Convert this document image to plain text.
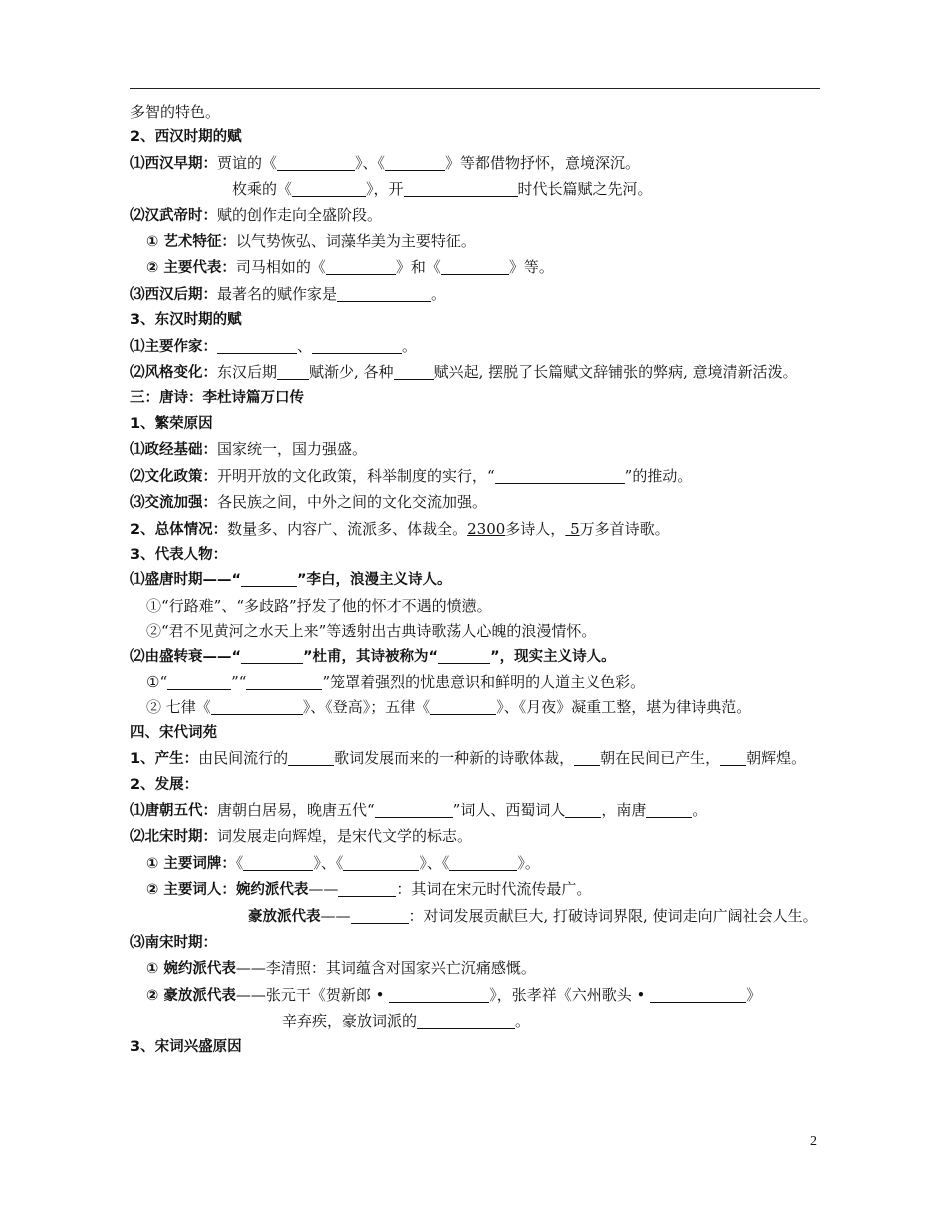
多智的特色。
2、西汉时期的赋
⑴西汉早期：贾谊的《	》、《	》等都借物抒怀，意境深沉。
枚乘的《	》，开	时代长篇赋之先河。
⑵汉武帝时：赋的创作走向全盛阶段。
① 艺术特征：以气势恢弘、词藻华美为主要特征。
② 主要代表：司马相如的《	》和《	》等。
⑶西汉后期：最著名的赋作家是	。
3、东汉时期的赋
⑴主要作家：	、	。
⑵风格变化：东汉后期 赋渐少, 各种	赋兴起, 摆脱了长篇赋文辞铺张的弊病, 意境清新活泼。
三：唐诗：李杜诗篇万口传
1、繁荣原因
⑴政经基础：国家统一，国力强盛。
⑵文化政策：开明开放的文化政策，科举制度的实行，“	”的推动。
⑶交流加强：各民族之间，中外之间的文化交流加强。
2、总体情况：数量多、内容广、流派多、体裁全。2300多诗人， 5万多首诗歌。
3、代表人物：
⑴盛唐时期——“	”李白，浪漫主义诗人。
①“行路难”、“多歧路”抒发了他的怀才不遇的愤懑。
②“君不见黄河之水天上来”等透射出古典诗歌荡人心魄的浪漫情怀。
⑵由盛转衰——“	”杜甫，其诗被称为“	”，现实主义诗人。
①“	”“	”笼罩着强烈的忧患意识和鲜明的人道主义色彩。
② 七律《	》、《登高》；五律《	》、《月夜》凝重工整，堪为律诗典范。
四、宋代词苑
1、产生：由民间流行的	歌词发展而来的一种新的诗歌体裁， 朝在民间已产生， 朝辉煌。
2、发展：
⑴唐朝五代：唐朝白居易，晚唐五代“	”词人、西蜀词人 ，南唐	。
⑵北宋时期：词发展走向辉煌，是宋代文学的标志。
① 主要词牌：《	》、《	》、《	》。
② 主要词人：婉约派代表——	：其词在宋元时代流传最广。
豪放派代表——	：对词发展贡献巨大, 打破诗词界限, 使词走向广阔社会人生。
⑶南宋时期：
① 婉约派代表——李清照：其词蕴含对国家兴亡沉痛感慨。
② 豪放派代表——张元干《贺新郎 •	》，张孝祥《六州歌头 •	》
辛弃疾，豪放词派的	。
3、宋词兴盛原因
2
